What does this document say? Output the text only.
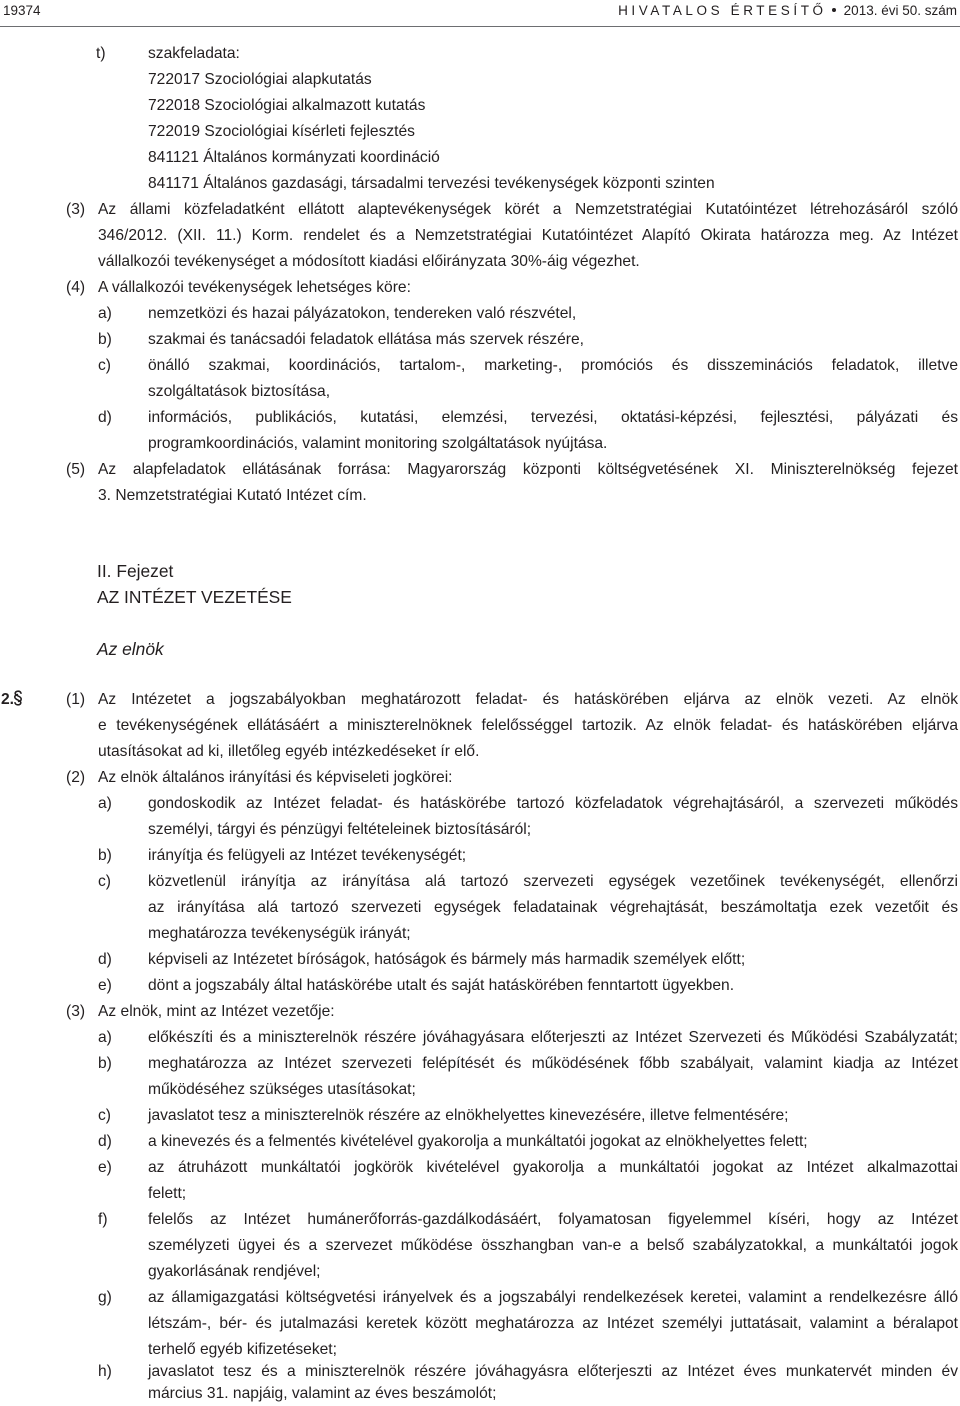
19374	HIVATALOS ÉRTESÍTŐ 2013. évi 50. szám
t)	szakfeladata:
722017 Szociológiai alapkutatás
722018 Szociológiai alkalmazott kutatás
722019 Szociológiai kísérleti fejlesztés
841121 Általános kormányzati koordináció
841171 Általános gazdasági, társadalmi tervezési tevékenységek központi szinten
(3) Az állami közfeladatként ellátott alaptevékenységek körét a Nemzetstratégiai Kutatóintézet létrehozásáról szóló
346/2012. (XII. 11.) Korm. rendelet és a Nemzetstratégiai Kutatóintézet Alapító Okirata határozza meg. Az Intézet
vállalkozói tevékenységet a módosított kiadási előirányzata 30%-áig végezhet.
(4) A vállalkozói tevékenységek lehetséges köre:
a) nemzetközi és hazai pályázatokon, tendereken való részvétel,
b) szakmai és tanácsadói feladatok ellátása más szervek részére,
c) önálló szakmai, koordinációs, tartalom-, marketing-, promóciós és disszeminációs feladatok, illetve
szolgáltatások biztosítása,
d) információs, publikációs, kutatási, elemzési, tervezési, oktatási-képzési, fejlesztési, pályázati és
programkoordinációs, valamint monitoring szolgáltatások nyújtása.
(5) Az alapfeladatok ellátásának forrása: Magyarország központi költségvetésének XI. Miniszterelnökség fejezet
3. Nemzetstratégiai Kutató Intézet cím.
II. Fejezet
AZ INTÉZET VEZETÉSE
Az elnök
2.	(1) Az Intézetet a jogszabályokban meghatározott feladat- és hatáskörében eljárva az elnök vezeti. Az elnök
e tevékenységének ellátásáért a miniszterelnöknek felelősséggel tartozik. Az elnök feladat- és hatáskörében eljárva
utasításokat ad ki, illetőleg egyéb intézkedéseket ír elő.
(2) Az elnök általános irányítási és képviseleti jogkörei:
a) gondoskodik az Intézet feladat- és hatáskörébe tartozó közfeladatok végrehajtásáról, a szervezeti működés
személyi, tárgyi és pénzügyi feltételeinek biztosításáról;
b) irányítja és felügyeli az Intézet tevékenységét;
c) közvetlenül irányítja az irányítása alá tartozó szervezeti egységek vezetőinek tevékenységét, ellenőrzi
az irányítása alá tartozó szervezeti egységek feladatainak végrehajtását, beszámoltatja ezek vezetőit és
meghatározza tevékenységük irányát;
d) képviseli az Intézetet bíróságok, hatóságok és bármely más harmadik személyek előtt;
e) dönt a jogszabály által hatáskörébe utalt és saját hatáskörében fenntartott ügyekben.
(3) Az elnök, mint az Intézet vezetője:
a) előkészíti és a miniszterelnök részére jóváhagyásara előterjeszti az Intézet Szervezeti és Működési Szabályzatát;
b) meghatározza az Intézet szervezeti felépítését és működésének főbb szabályait, valamint kiadja az Intézet
működéséhez szükséges utasításokat;
c) javaslatot tesz a miniszterelnök részére az elnökhelyettes kinevezésére, illetve felmentésére;
d) a kinevezés és a felmentés kivételével gyakorolja a munkáltatói jogokat az elnökhelyettes felett;
e) az átruházott munkáltatói jogkörök kivételével gyakorolja a munkáltatói jogokat az Intézet alkalmazottai
felett;
f)	felelős az Intézet humánerőforrás-gazdálkodásáért, folyamatosan figyelemmel kíséri, hogy az Intézet
személyzeti ügyei és a szervezet működése összhangban van-e a belső szabályzatokkal, a munkáltatói jogok
gyakorlásának rendjével;
g) az államigazgatási költségvetési irányelvek és a jogszabályi rendelkezések keretei, valamint a rendelkezésre álló
létszám-, bér- és jutalmazási keretek között meghatározza az Intézet személyi juttatásait, valamint a béralapot
terhelő egyéb kifizetéseket;
h) javaslatot tesz és a miniszterelnök részére jóváhagyásra előterjeszti az Intézet éves munkatervét minden év
március 31. napjáig, valamint az éves beszámolót;
